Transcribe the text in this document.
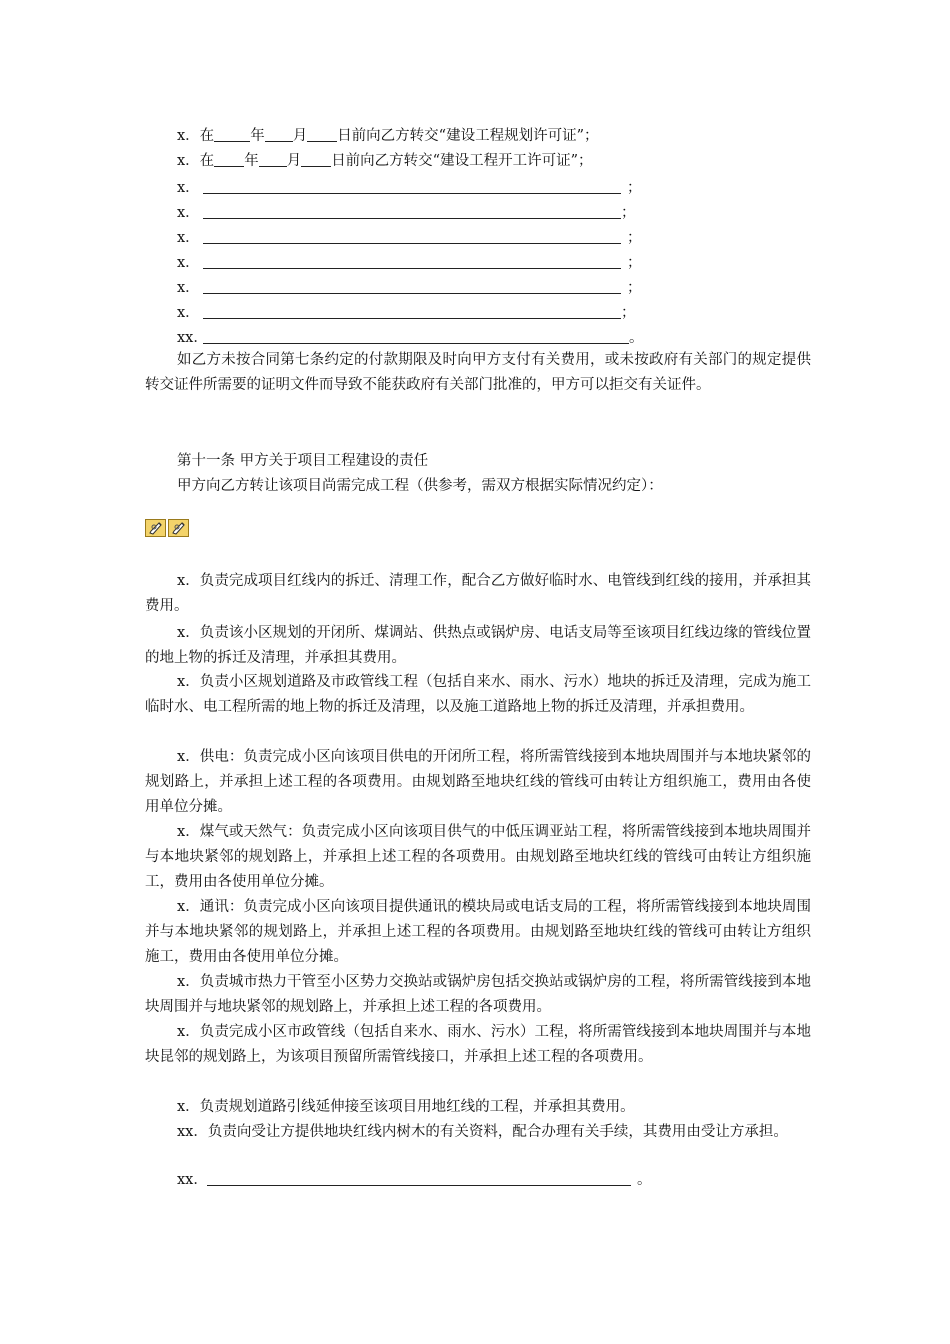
x．在 年 月 日前向乙方转交“建设工程规划许可证”；
x．在 年 月 日前向乙方转交“建设工程开工许可证”；
x．	；
x．	；
x．	；
x．	；
x．	；
x．	；
xx．	。
如乙方未按合同第七条约定的付款期限及时向甲方支付有关费用，或未按政府有关部门的规定提供转交证件所需要的证明文件而导致不能获政府有关部门批准的，甲方可以拒交有关证件。
第十一条 甲方关于项目工程建设的责任
甲方向乙方转让该项目尚需完成工程（供参考，需双方根据实际情况约定）：
x．负责完成项目红线内的拆迁、清理工作，配合乙方做好临时水、电管线到红线的接用，并承担其费用。
x．负责该小区规划的开闭所、煤调站、供热点或锅炉房、电话支局等至该项目红线边缘的管线位置的地上物的拆迁及清理，并承担其费用。
x．负责小区规划道路及市政管线工程（包括自来水、雨水、污水）地块的拆迁及清理，完成为施工临时水、电工程所需的地上物的拆迁及清理，以及施工道路地上物的拆迁及清理，并承担费用。
x．供电：负责完成小区向该项目供电的开闭所工程，将所需管线接到本地块周围并与本地块紧邻的规划路上，并承担上述工程的各项费用。由规划路至地块红线的管线可由转让方组织施工，费用由各使用单位分摊。
x．煤气或天然气：负责完成小区向该项目供气的中低压调亚站工程，将所需管线接到本地块周围并与本地块紧邻的规划路上，并承担上述工程的各项费用。由规划路至地块红线的管线可由转让方组织施 工，费用由各使用单位分摊。
x．通讯：负责完成小区向该项目提供通讯的模块局或电话支局的工程，将所需管线接到本地块周围并与本地块紧邻的规划路上，并承担上述工程的各项费用。由规划路至地块红线的管线可由转让方组织施工，费用由各使用单位分摊。
x．负责城市热力干管至小区势力交换站或锅炉房包括交换站或锅炉房的工程，将所需管线接到本地块周围并与地块紧邻的规划路上，并承担上述工程的各项费用。
x．负责完成小区市政管线（包括自来水、雨水、污水）工程，将所需管线接到本地块周围并与本地块昆邻的规划路上，为该项目预留所需管线接口，并承担上述工程的各项费用。
x．负责规划道路引线延伸接至该项目用地红线的工程，并承担其费用。
xx．负责向受让方提供地块红线内树木的有关资料，配合办理有关手续，其费用由受让方承担。
xx．	。
